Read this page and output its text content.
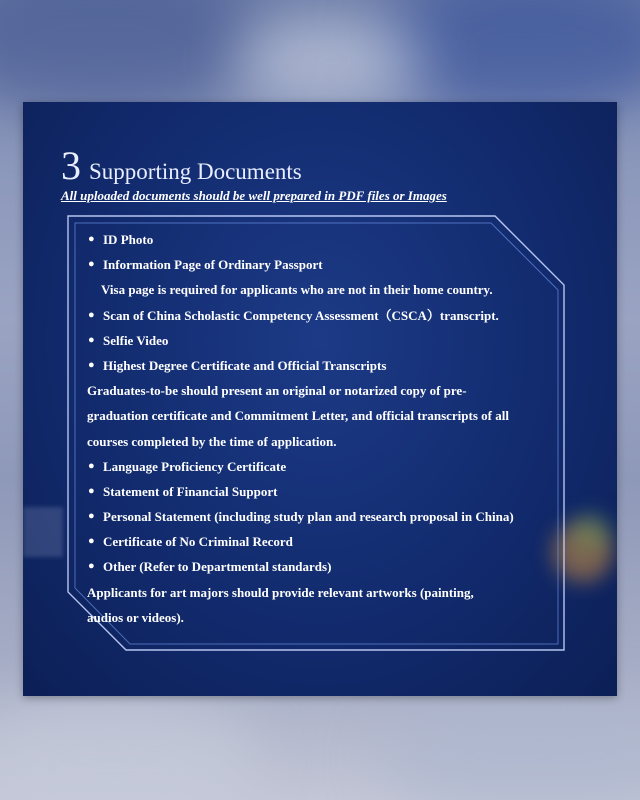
3 Supporting Documents
All uploaded documents should be well prepared in PDF files or Images
● ID Photo
● Information Page of Ordinary Passport
Visa page is required for applicants who are not in their home country.
● Scan of China Scholastic Competency Assessment（CSCA）transcript.
● Selfie Video
● Highest Degree Certificate and Official Transcripts
Graduates-to-be should present an original or notarized copy of pre-
graduation certificate and Commitment Letter, and official transcripts of all
courses completed by the time of application.
● Language Proficiency Certificate
● Statement of Financial Support
● Personal Statement (including study plan and research proposal in China)
● Certificate of No Criminal Record
● Other (Refer to Departmental standards)
Applicants for art majors should provide relevant artworks (painting,
audios or videos).
